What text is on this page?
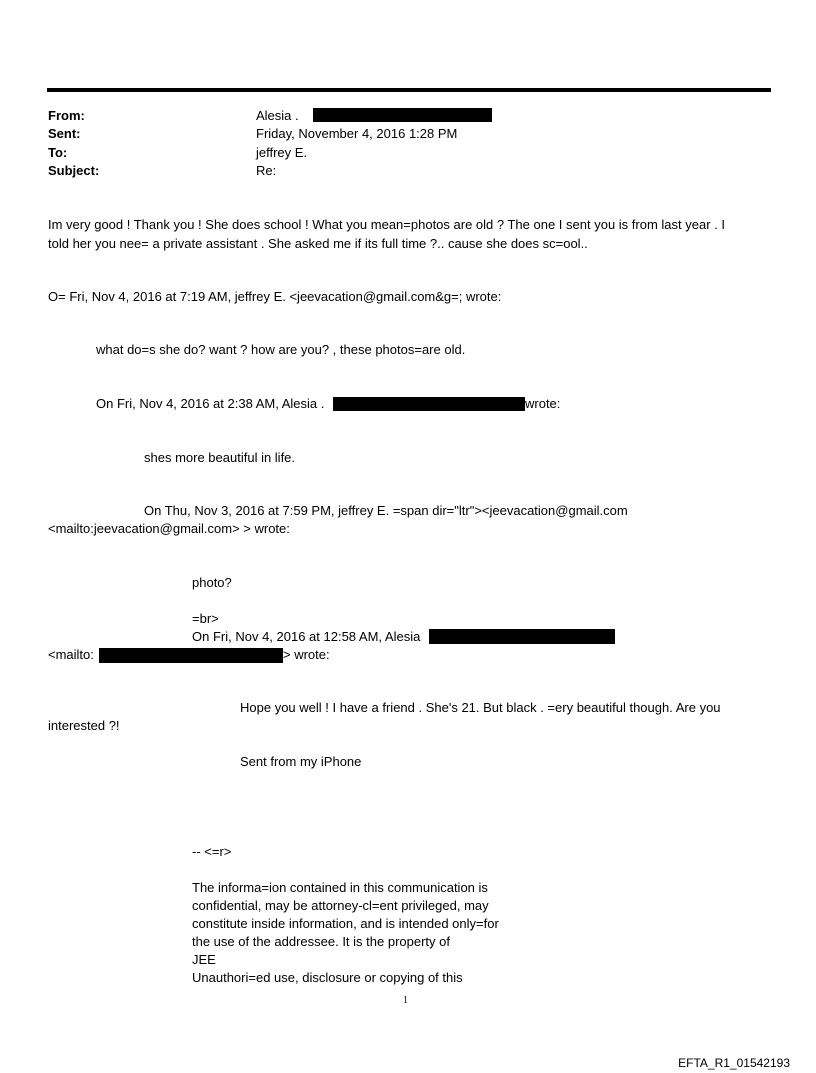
From:	Alesia .
Sent:	Friday, November 4, 2016 1:28 PM
To:	jeffrey E.
Subject:	Re:
Im very good ! Thank you ! She does school ! What you mean=photos are old ? The one I sent you is from last year . I
told her you nee= a private assistant . She asked me if its full time ?.. cause she does sc=ool..
O= Fri, Nov 4, 2016 at 7:19 AM, jeffrey E. <jeevacation@gmail.com&g=; wrote:
what do=s she do? want ? how are you? , these photos=are old.
On Fri, Nov 4, 2016 at 2:38 AM, Alesia .	wrote:
shes more beautiful in life.
On Thu, Nov 3, 2016 at 7:59 PM, jeffrey E. =span dir="ltr"><jeevacation@gmail.com
<mailto:jeevacation@gmail.com> > wrote:
photo?
=br>
On Fri, Nov 4, 2016 at 12:58 AM, Alesia
<mailto:	> wrote:
Hope you well ! I have a friend . She's 21. But black . =ery beautiful though. Are you
interested ?!
Sent from my iPhone
-- <=r>
The informa=ion contained in this communication is
confidential, may be attorney-cl=ent privileged, may
constitute inside information, and is intended only=for
the use of the addressee. It is the property of
JEE
Unauthori=ed use, disclosure or copying of this
1
EFTA_R1_01542193
